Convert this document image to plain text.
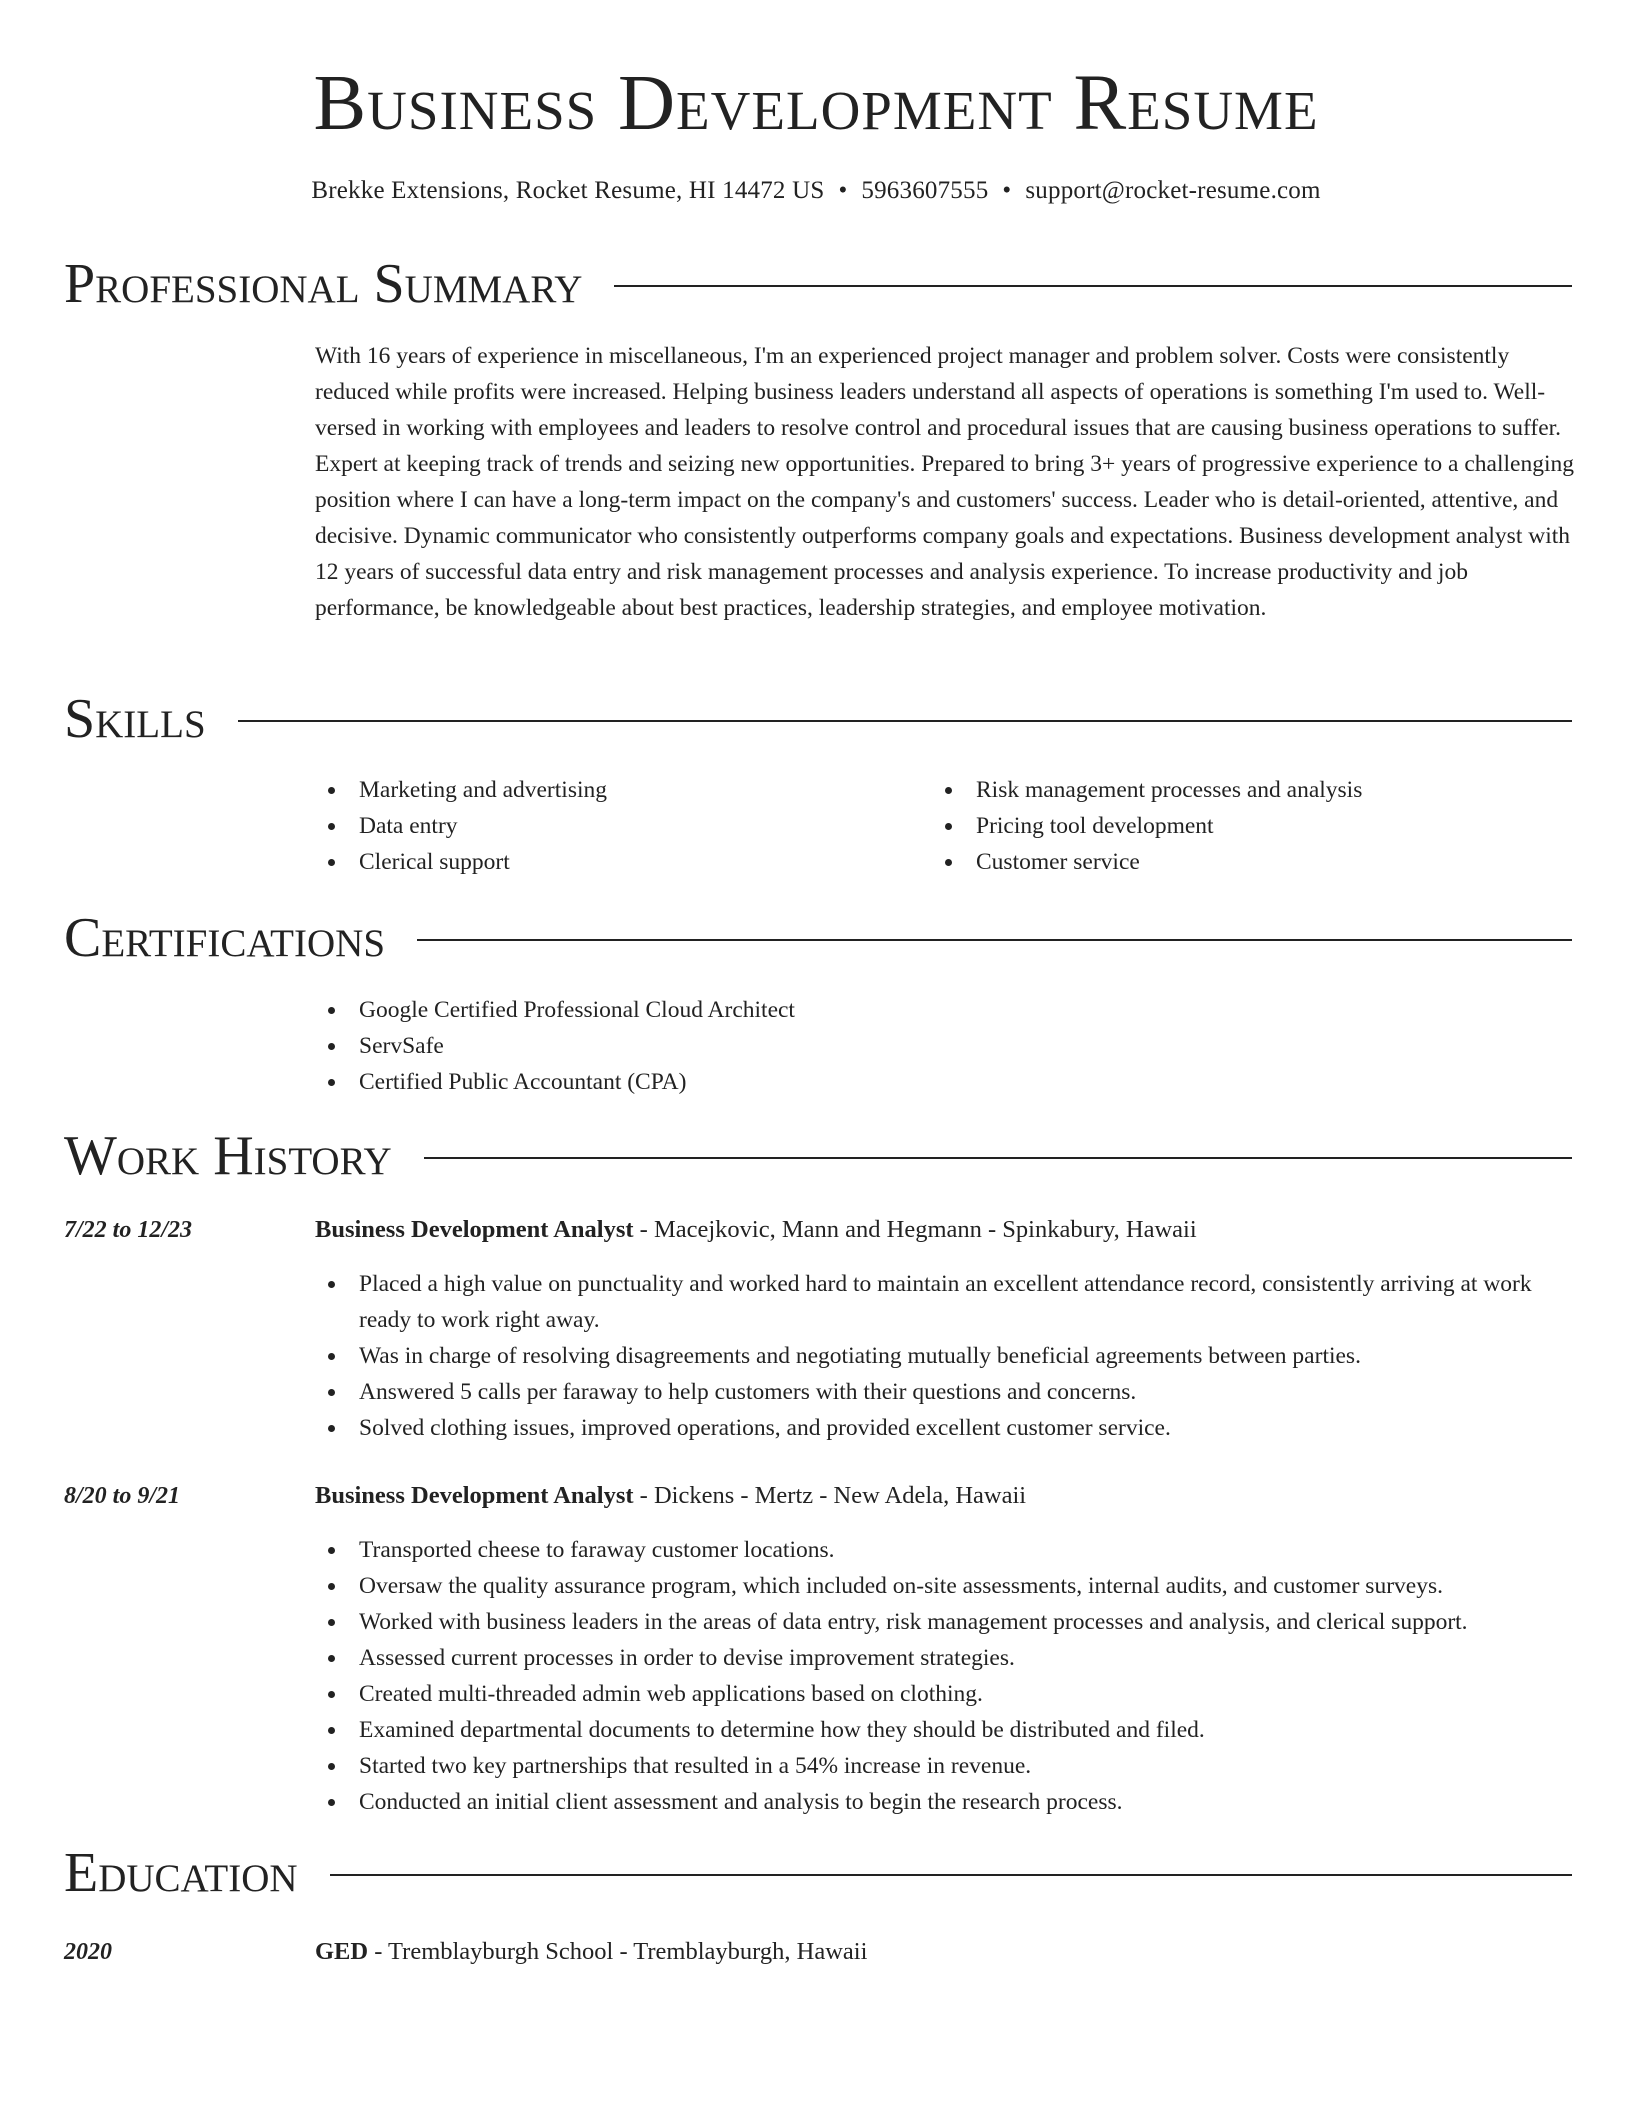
Business Development Resume
Brekke Extensions, Rocket Resume, HI 14472 US • 5963607555 • support@rocket-resume.com
Professional Summary

With 16 years of experience in miscellaneous, I'm an experienced project manager and problem solver. Costs were consistently reduced while profits were increased. Helping business leaders understand all aspects of operations is something I'm used to. Well-versed in working with employees and leaders to resolve control and procedural issues that are causing business operations to suffer. Expert at keeping track of trends and seizing new opportunities. Prepared to bring 3+ years of progressive experience to a challenging position where I can have a long-term impact on the company's and customers' success. Leader who is detail-oriented, attentive, and decisive. Dynamic communicator who consistently outperforms company goals and expectations. Business development analyst with 12 years of successful data entry and risk management processes and analysis experience. To increase productivity and job performance, be knowledgeable about best practices, leadership strategies, and employee motivation.

Skills
Marketing and advertising
Data entry
Clerical support
Risk management processes and analysis
Pricing tool development
Customer service
Certifications
Google Certified Professional Cloud Architect
ServSafe
Certified Public Accountant (CPA)
Work History
7/22 to 12/23	Business Development Analyst - Macejkovic, Mann and Hegmann - Spinkabury, Hawaii
Placed a high value on punctuality and worked hard to maintain an excellent attendance record, consistently arriving at work ready to work right away.
Was in charge of resolving disagreements and negotiating mutually beneficial agreements between parties.
Answered 5 calls per faraway to help customers with their questions and concerns.
Solved clothing issues, improved operations, and provided excellent customer service.
8/20 to 9/21	Business Development Analyst - Dickens - Mertz - New Adela, Hawaii
Transported cheese to faraway customer locations.
Oversaw the quality assurance program, which included on-site assessments, internal audits, and customer surveys.
Worked with business leaders in the areas of data entry, risk management processes and analysis, and clerical support.
Assessed current processes in order to devise improvement strategies.
Created multi-threaded admin web applications based on clothing.
Examined departmental documents to determine how they should be distributed and filed.
Started two key partnerships that resulted in a 54% increase in revenue.
Conducted an initial client assessment and analysis to begin the research process.
Education
2020	GED - Tremblayburgh School - Tremblayburgh, Hawaii
